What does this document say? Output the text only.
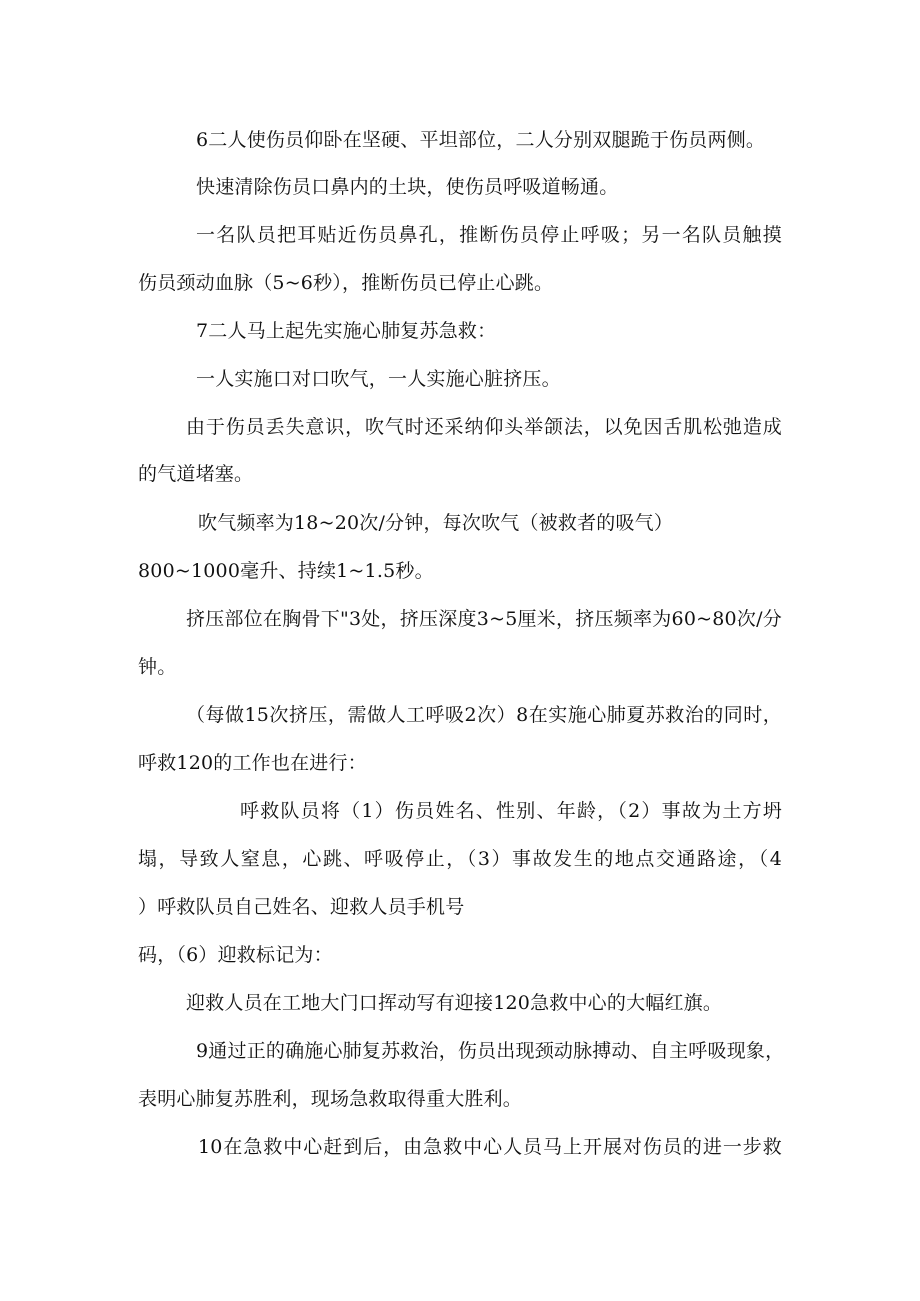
6二人使伤员仰卧在坚硬、平坦部位，二人分别双腿跪于伤员两侧。
快速清除伤员口鼻内的土块，使伤员呼吸道畅通。
一名队员把耳贴近伤员鼻孔，推断伤员停止呼吸；另一名队员触摸
伤员颈动血脉（5~6秒），推断伤员已停止心跳。
7二人马上起先实施心肺复苏急救：
一人实施口对口吹气，一人实施心脏挤压。
由于伤员丢失意识，吹气时还采纳仰头举颌法，以免因舌肌松弛造成
的气道堵塞。
吹气频率为18~20次/分钟，每次吹气（被救者的吸气）
800~1000毫升、持续1~1.5秒。
挤压部位在胸骨下"3处，挤压深度3~5厘米，挤压频率为60~80次/分
钟。
（每做15次挤压，需做人工呼吸2次）8在实施心肺夏苏救治的同时，
呼救120的工作也在进行：
呼救队员将（1）伤员姓名、性别、年龄，（2）事故为土方坍
塌，导致人窒息，心跳、呼吸停止，（3）事故发生的地点交通路途，（4
）呼救队员自己姓名、迎救人员手机号
码，（6）迎救标记为：
迎救人员在工地大门口挥动写有迎接120急救中心的大幅红旗。
9通过正的确施心肺复苏救治，伤员出现颈动脉搏动、自主呼吸现象，
表明心肺复苏胜利，现场急救取得重大胜利。
10在急救中心赶到后，由急救中心人员马上开展对伤员的进一步救
